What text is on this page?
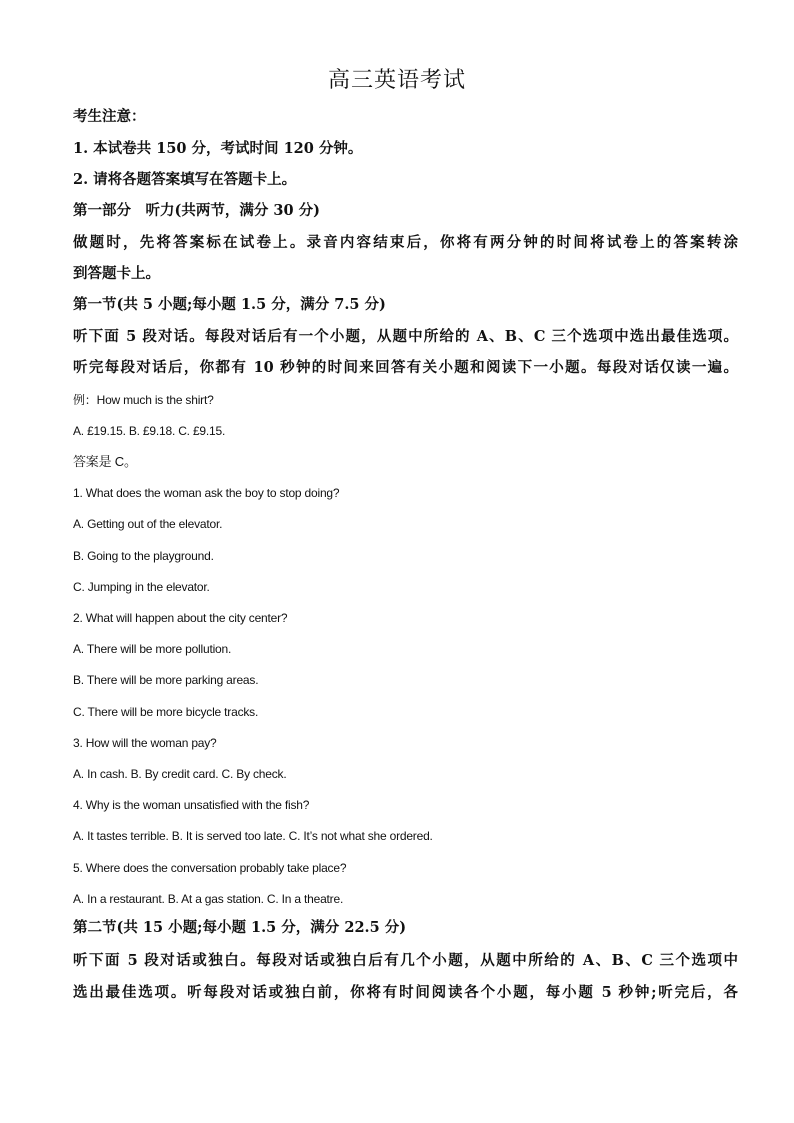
高三英语考试
考生注意：
1. 本试卷共 150 分，考试时间 120 分钟。
2. 请将各题答案填写在答题卡上。
第一部分　听力(共两节，满分 30 分)
做题时，先将答案标在试卷上。录音内容结束后，你将有两分钟的时间将试卷上的答案转涂
到答题卡上。
第一节(共 5 小题;每小题 1.5 分，满分 7.5 分)
听下面 5 段对话。每段对话后有一个小题，从题中所给的 A、B、C 三个选项中选出最佳选项。
听完每段对话后，你都有 10 秒钟的时间来回答有关小题和阅读下一小题。每段对话仅读一遍。
例：How much is the shirt?
A. £19.15. B. £9.18. C. £9.15.
答案是 C。
1. What does the woman ask the boy to stop doing?
A. Getting out of the elevator.
B. Going to the playground.
C. Jumping in the elevator.
2. What will happen about the city center?
A. There will be more pollution.
B. There will be more parking areas.
C. There will be more bicycle tracks.
3. How will the woman pay?
A. In cash. B. By credit card. C. By check.
4. Why is the woman unsatisfied with the fish?
A. It tastes terrible. B. It is served too late. C. It’s not what she ordered.
5. Where does the conversation probably take place?
A. In a restaurant. B. At a gas station. C. In a theatre.
第二节(共 15 小题;每小题 1.5 分，满分 22.5 分)
听下面 5 段对话或独白。每段对话或独白后有几个小题，从题中所给的 A、B、C 三个选项中
选出最佳选项。听每段对话或独白前，你将有时间阅读各个小题，每小题 5 秒钟;听完后，各
